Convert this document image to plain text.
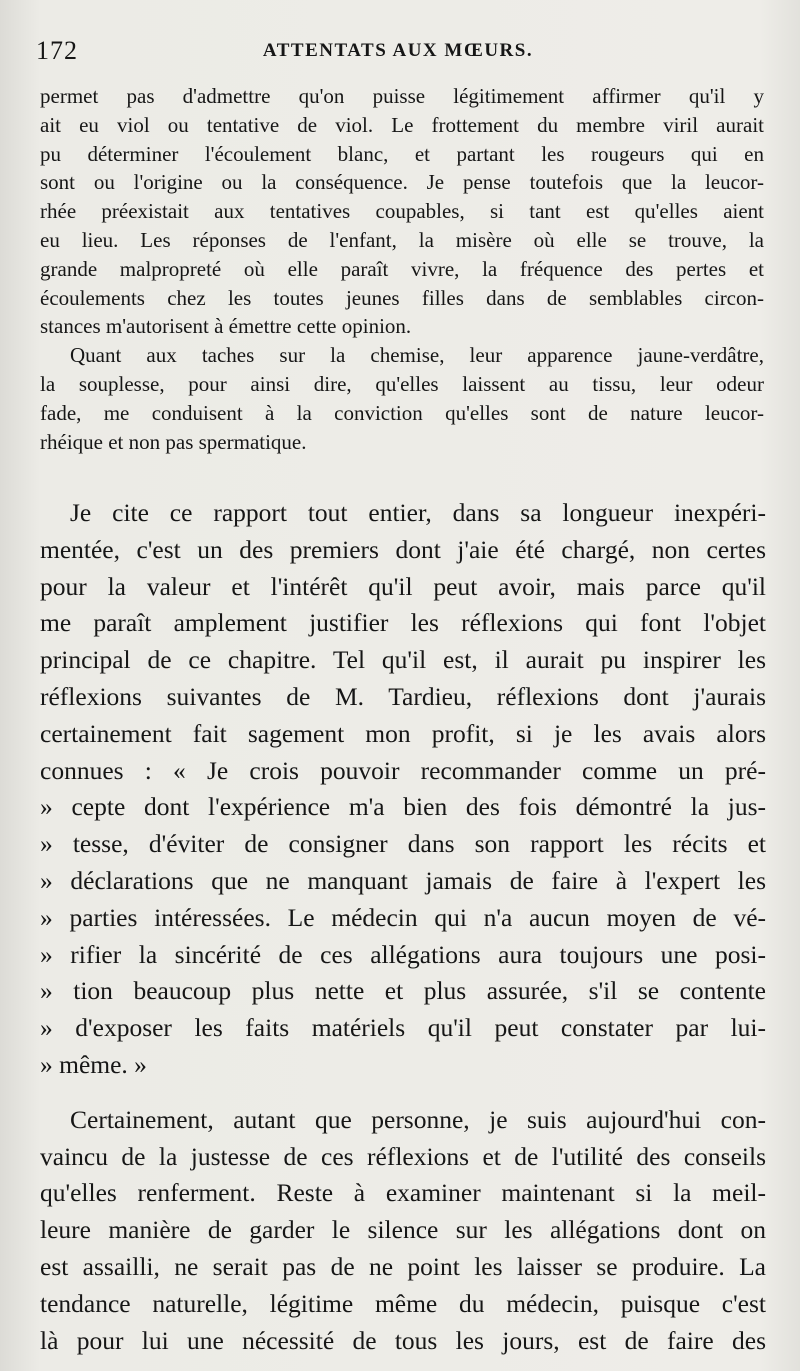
172	ATTENTATS AUX MŒURS.
permet pas d'admettre qu'on puisse légitimement affirmer qu'il y
ait eu viol ou tentative de viol. Le frottement du membre viril aurait
pu déterminer l'écoulement blanc, et partant les rougeurs qui en
sont ou l'origine ou la conséquence. Je pense toutefois que la leucor-
rhée préexistait aux tentatives coupables, si tant est qu'elles aient
eu lieu. Les réponses de l'enfant, la misère où elle se trouve, la
grande malpropreté où elle paraît vivre, la fréquence des pertes et
écoulements chez les toutes jeunes filles dans de semblables circon-
stances m'autorisent à émettre cette opinion.
Quant aux taches sur la chemise, leur apparence jaune-verdâtre,
la souplesse, pour ainsi dire, qu'elles laissent au tissu, leur odeur
fade, me conduisent à la conviction qu'elles sont de nature leucor-
rhéique et non pas spermatique.
Je cite ce rapport tout entier, dans sa longueur inexpéri-
mentée, c'est un des premiers dont j'aie été chargé, non certes
pour la valeur et l'intérêt qu'il peut avoir, mais parce qu'il
me paraît amplement justifier les réflexions qui font l'objet
principal de ce chapitre. Tel qu'il est, il aurait pu inspirer les
réflexions suivantes de M. Tardieu, réflexions dont j'aurais
certainement fait sagement mon profit, si je les avais alors
connues : « Je crois pouvoir recommander comme un pré-
» cepte dont l'expérience m'a bien des fois démontré la jus-
» tesse, d'éviter de consigner dans son rapport les récits et
» déclarations que ne manquant jamais de faire à l'expert les
» parties intéressées. Le médecin qui n'a aucun moyen de vé-
» rifier la sincérité de ces allégations aura toujours une posi-
» tion beaucoup plus nette et plus assurée, s'il se contente
» d'exposer les faits matériels qu'il peut constater par lui-
» même. »
Certainement, autant que personne, je suis aujourd'hui con-
vaincu de la justesse de ces réflexions et de l'utilité des conseils
qu'elles renferment. Reste à examiner maintenant si la meil-
leure manière de garder le silence sur les allégations dont on
est assailli, ne serait pas de ne point les laisser se produire. La
tendance naturelle, légitime même du médecin, puisque c'est
là pour lui une nécessité de tous les jours, est de faire des
